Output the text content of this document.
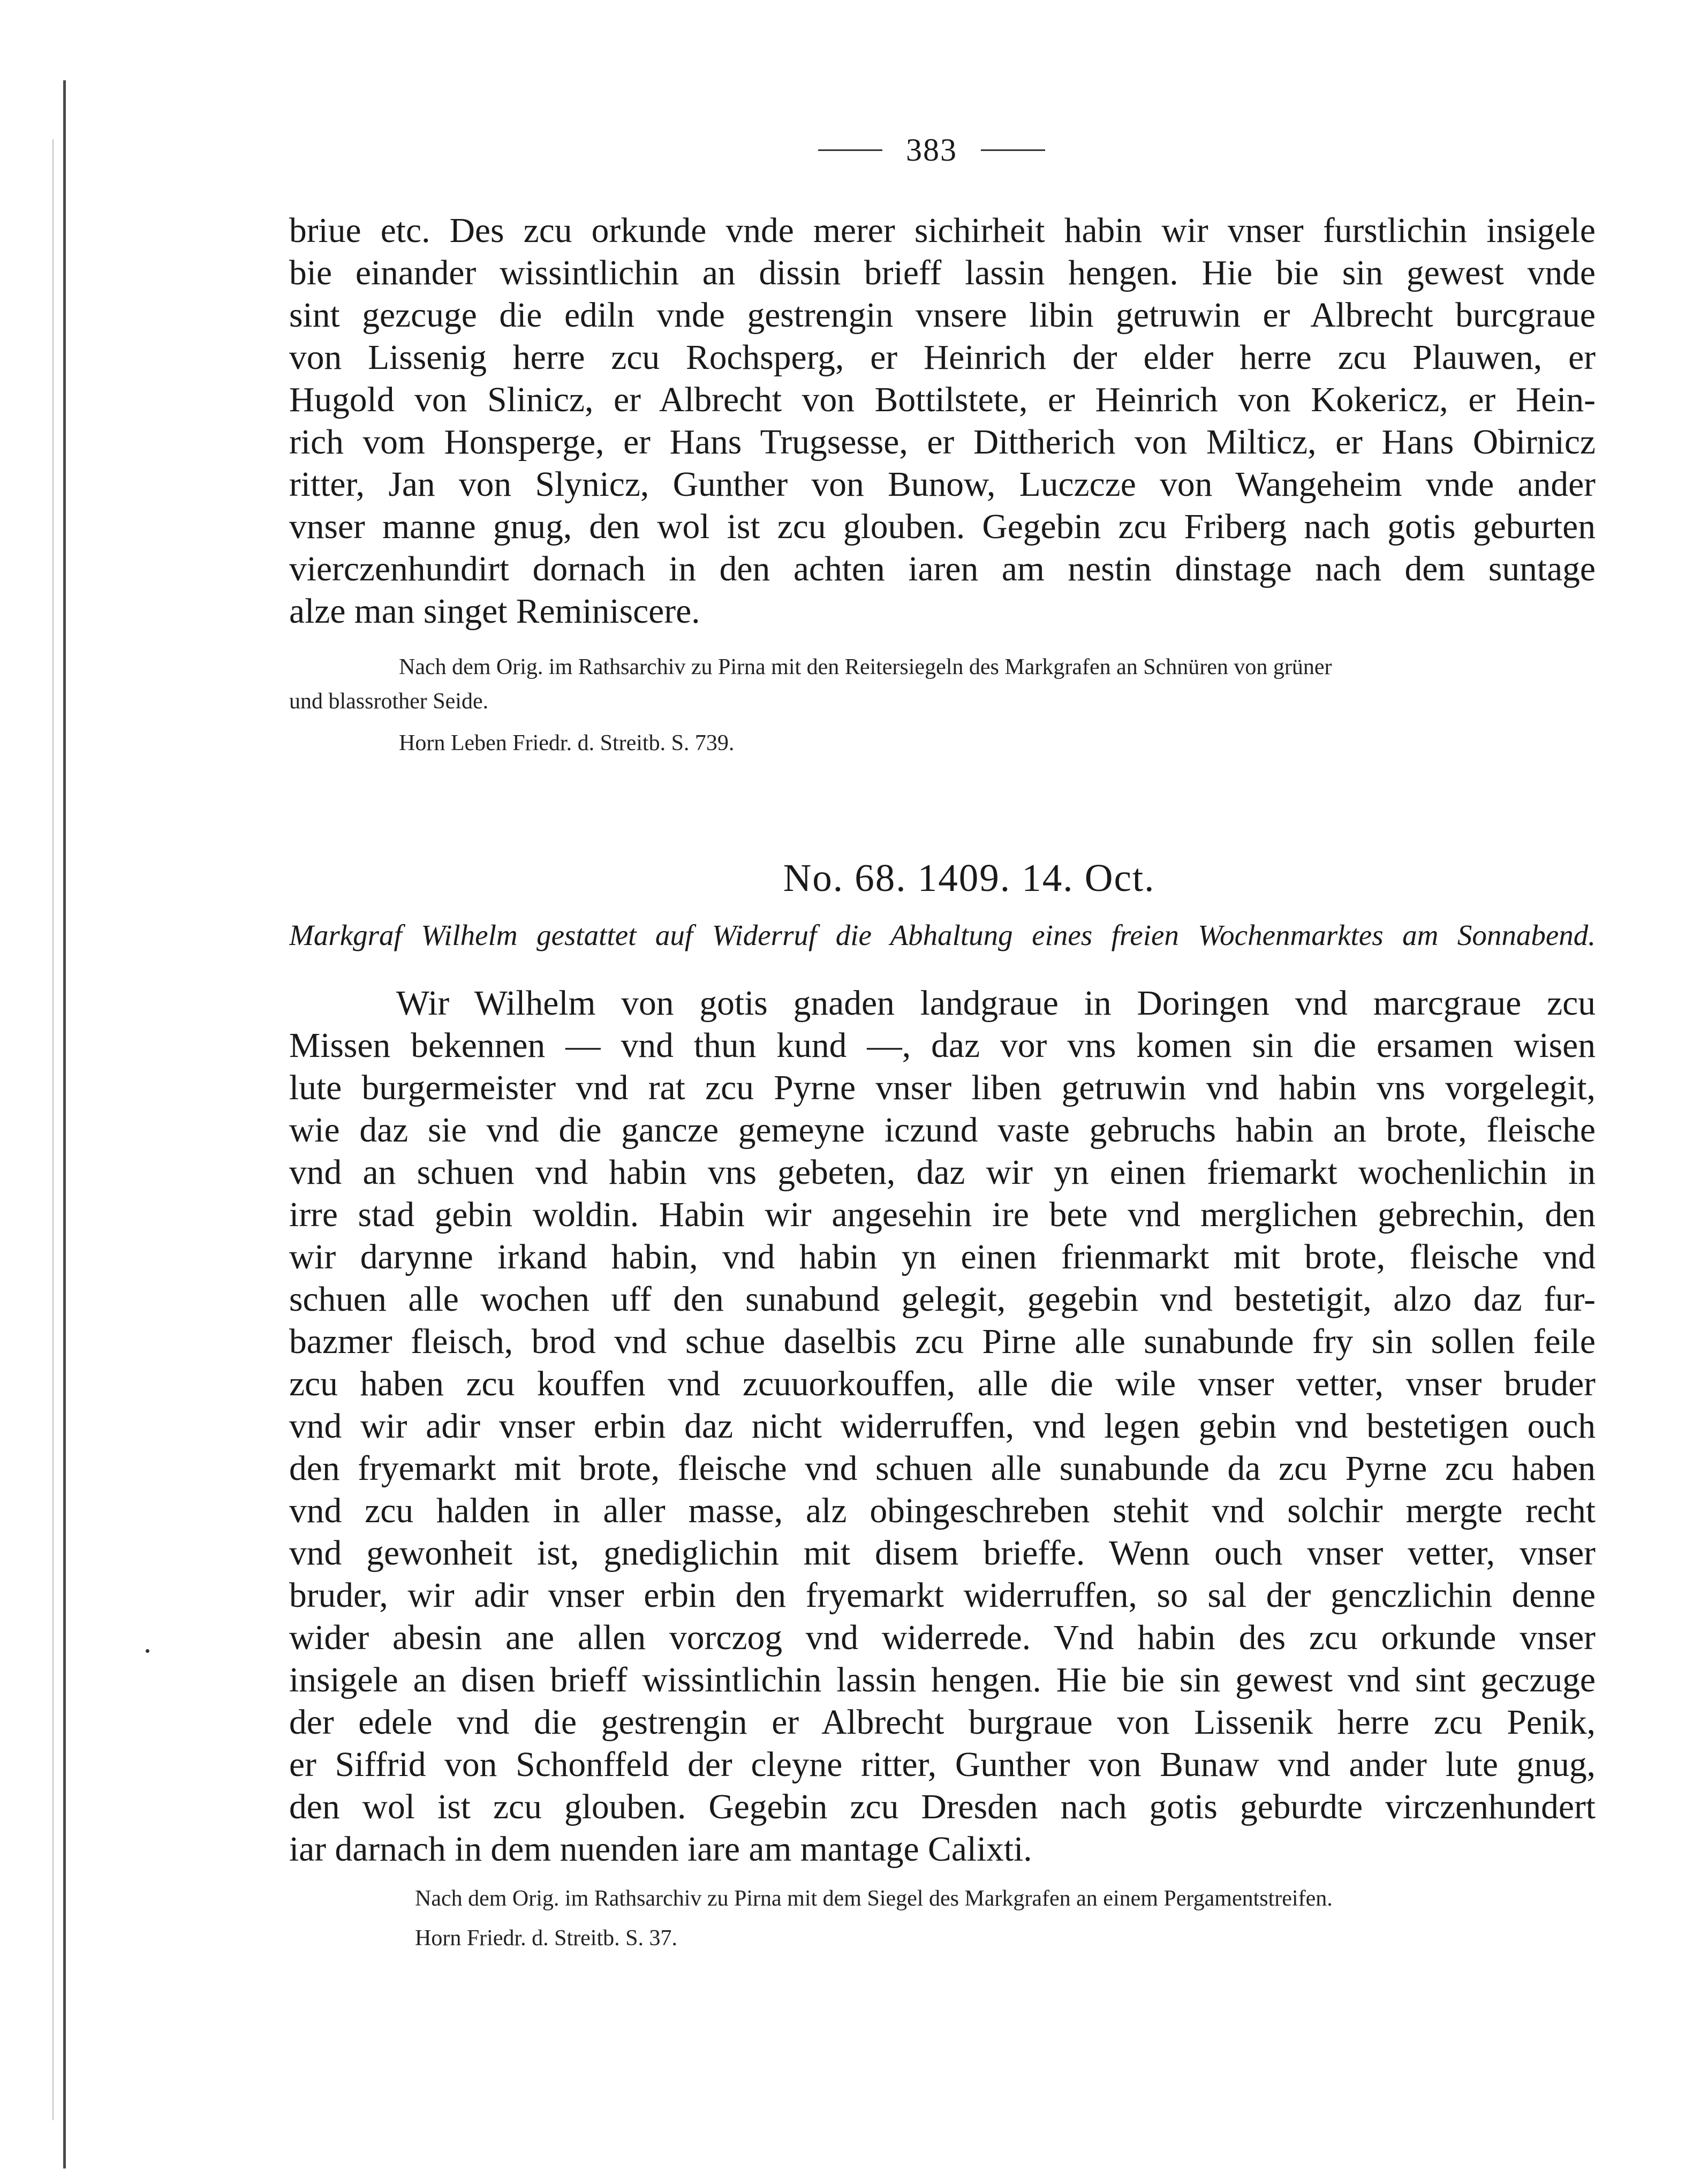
383
briue etc. Des zcu orkunde vnde merer sichirheit habin wir vnser furstlichin insigele
bie einander wissintlichin an dissin brieff lassin hengen. Hie bie sin gewest vnde
sint gezcuge die ediln vnde gestrengin vnsere libin getruwin er Albrecht burcgraue
von Lissenig herre zcu Rochsperg, er Heinrich der elder herre zcu Plauwen, er
Hugold von Slinicz, er Albrecht von Bottilstete, er Heinrich von Kokericz, er Hein-
rich vom Honsperge, er Hans Trugsesse, er Dittherich von Milticz, er Hans Obirnicz
ritter, Jan von Slynicz, Gunther von Bunow, Luczcze von Wangeheim vnde ander
vnser manne gnug, den wol ist zcu glouben. Gegebin zcu Friberg nach gotis geburten
vierczenhundirt dornach in den achten iaren am nestin dinstage nach dem suntage
alze man singet Reminiscere.
Nach dem Orig. im Rathsarchiv zu Pirna mit den Reitersiegeln des Markgrafen an Schnüren von grüner
und blassrother Seide.
Horn Leben Friedr. d. Streitb. S. 739.
No. 68. 1409. 14. Oct.
Markgraf Wilhelm gestattet auf Widerruf die Abhaltung eines freien Wochenmarktes am Sonnabend.
Wir Wilhelm von gotis gnaden landgraue in Doringen vnd marcgraue zcu
Missen bekennen — vnd thun kund —, daz vor vns komen sin die ersamen wisen
lute burgermeister vnd rat zcu Pyrne vnser liben getruwin vnd habin vns vorgelegit,
wie daz sie vnd die gancze gemeyne iczund vaste gebruchs habin an brote, fleische
vnd an schuen vnd habin vns gebeten, daz wir yn einen friemarkt wochenlichin in
irre stad gebin woldin. Habin wir angesehin ire bete vnd merglichen gebrechin, den
wir darynne irkand habin, vnd habin yn einen frienmarkt mit brote, fleische vnd
schuen alle wochen uff den sunabund gelegit, gegebin vnd bestetigit, alzo daz fur-
bazmer fleisch, brod vnd schue daselbis zcu Pirne alle sunabunde fry sin sollen feile
zcu haben zcu kouffen vnd zcuuorkouffen, alle die wile vnser vetter, vnser bruder
vnd wir adir vnser erbin daz nicht widerruffen, vnd legen gebin vnd bestetigen ouch
den fryemarkt mit brote, fleische vnd schuen alle sunabunde da zcu Pyrne zcu haben
vnd zcu halden in aller masse, alz obingeschreben stehit vnd solchir mergte recht
vnd gewonheit ist, gnediglichin mit disem brieffe. Wenn ouch vnser vetter, vnser
bruder, wir adir vnser erbin den fryemarkt widerruffen, so sal der genczlichin denne
wider abesin ane allen vorczog vnd widerrede. Vnd habin des zcu orkunde vnser
insigele an disen brieff wissintlichin lassin hengen. Hie bie sin gewest vnd sint geczuge
der edele vnd die gestrengin er Albrecht burgraue von Lissenik herre zcu Penik,
er Siffrid von Schonffeld der cleyne ritter, Gunther von Bunaw vnd ander lute gnug,
den wol ist zcu glouben. Gegebin zcu Dresden nach gotis geburdte virczenhundert
iar darnach in dem nuenden iare am mantage Calixti.
Nach dem Orig. im Rathsarchiv zu Pirna mit dem Siegel des Markgrafen an einem Pergamentstreifen.
Horn Friedr. d. Streitb. S. 37.
